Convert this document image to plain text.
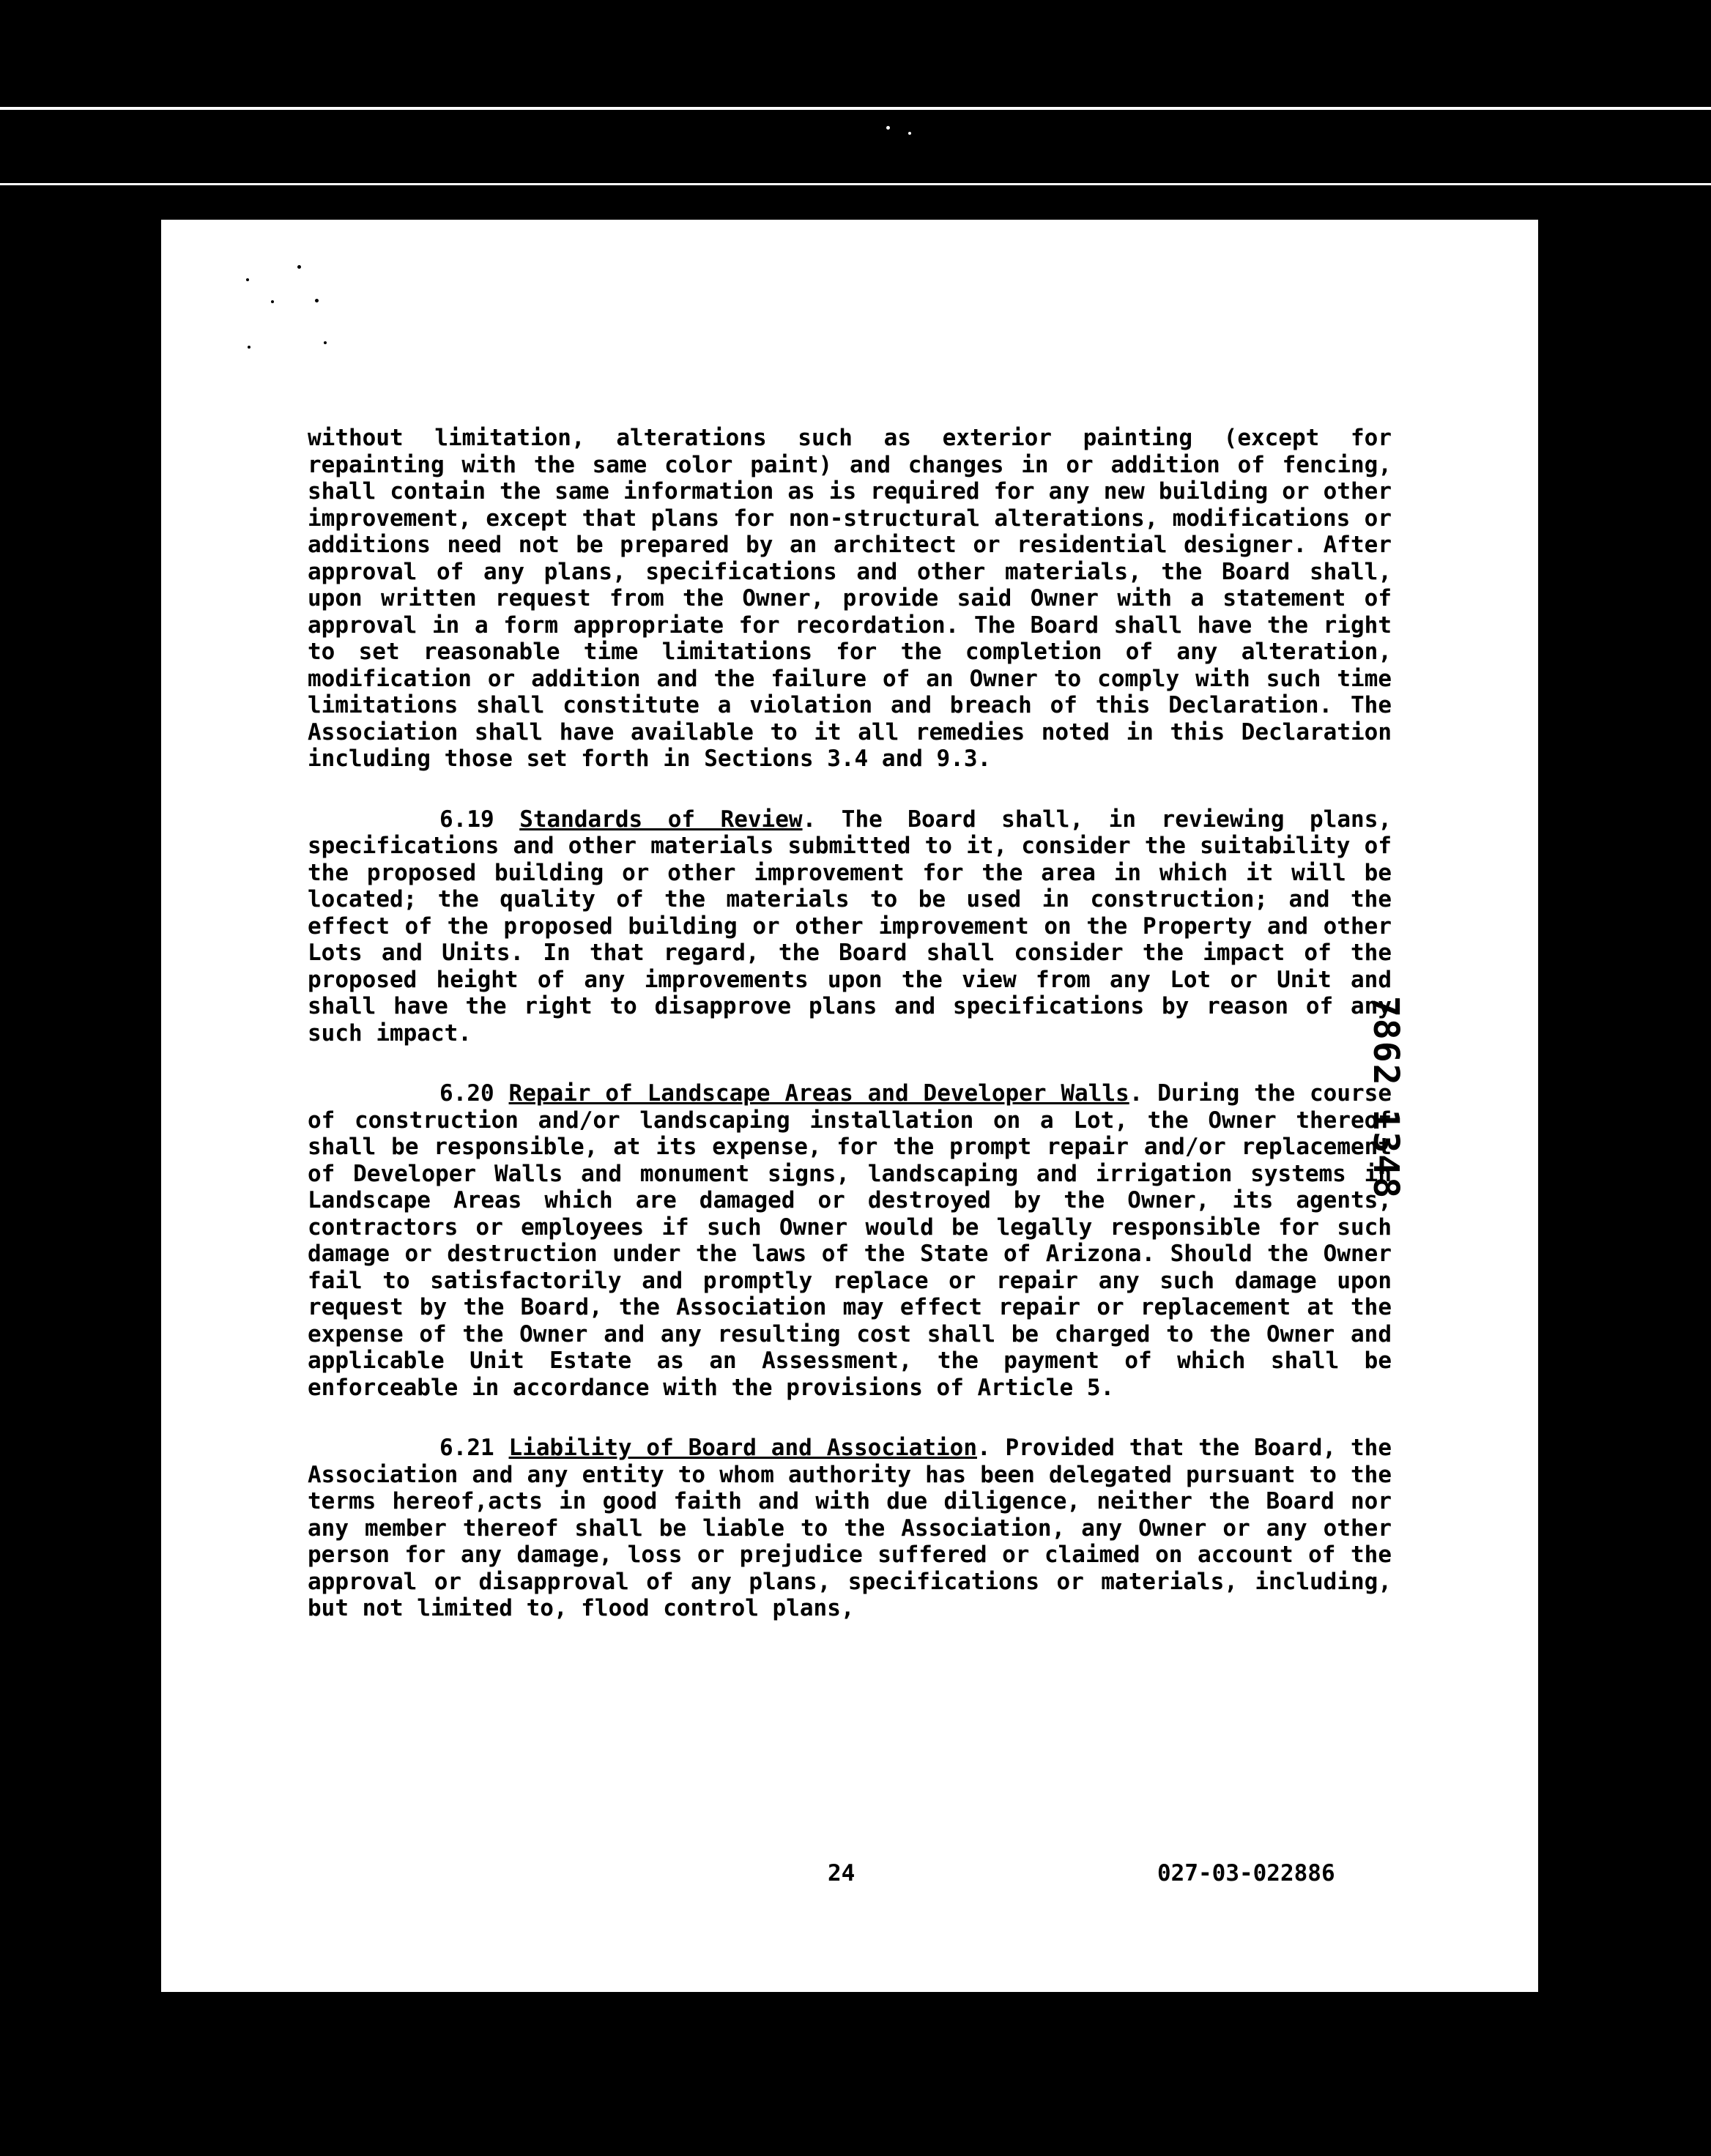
without limitation, alterations such as exterior painting (except for repainting with the same color paint) and changes in or addition of fencing, shall contain the same information as is required for any new building or other improvement, except that plans for non-structural alterations, modifications or additions need not be prepared by an architect or residential designer. After approval of any plans, specifications and other materials, the Board shall, upon written request from the Owner, provide said Owner with a statement of approval in a form appropriate for recordation. The Board shall have the right to set reasonable time limitations for the completion of any alteration, modification or addition and the failure of an Owner to comply with such time limitations shall constitute a violation and breach of this Declaration. The Association shall have available to it all remedies noted in this Declaration including those set forth in Sections 3.4 and 9.3.

6.19 Standards of Review. The Board shall, in reviewing plans, specifications and other materials submitted to it, consider the suitability of the proposed building or other improvement for the area in which it will be located; the quality of the materials to be used in construction; and the effect of the proposed building or other improvement on the Property and other Lots and Units. In that regard, the Board shall consider the impact of the proposed height of any improvements upon the view from any Lot or Unit and shall have the right to disapprove plans and specifications by reason of any such impact.

6.20 Repair of Landscape Areas and Developer Walls. During the course of construction and/or landscaping installation on a Lot, the Owner thereof shall be responsible, at its expense, for the prompt repair and/or replacement of Developer Walls and monument signs, landscaping and irrigation systems in Landscape Areas which are damaged or destroyed by the Owner, its agents, contractors or employees if such Owner would be legally responsible for such damage or destruction under the laws of the State of Arizona. Should the Owner fail to satisfactorily and promptly replace or repair any such damage upon request by the Board, the Association may effect repair or replacement at the expense of the Owner and any resulting cost shall be charged to the Owner and applicable Unit Estate as an Assessment, the payment of which shall be enforceable in accordance with the provisions of Article 5.

6.21 Liability of Board and Association. Provided that the Board, the Association and any entity to whom authority has been delegated pursuant to the terms hereof,acts in good faith and with due diligence, neither the Board nor any member thereof shall be liable to the Association, any Owner or any other person for any damage, loss or prejudice suffered or claimed on account of the approval or disapproval of any plans, specifications or materials, including, but not limited to, flood control plans,

24	027-03-022886
7862 1348
